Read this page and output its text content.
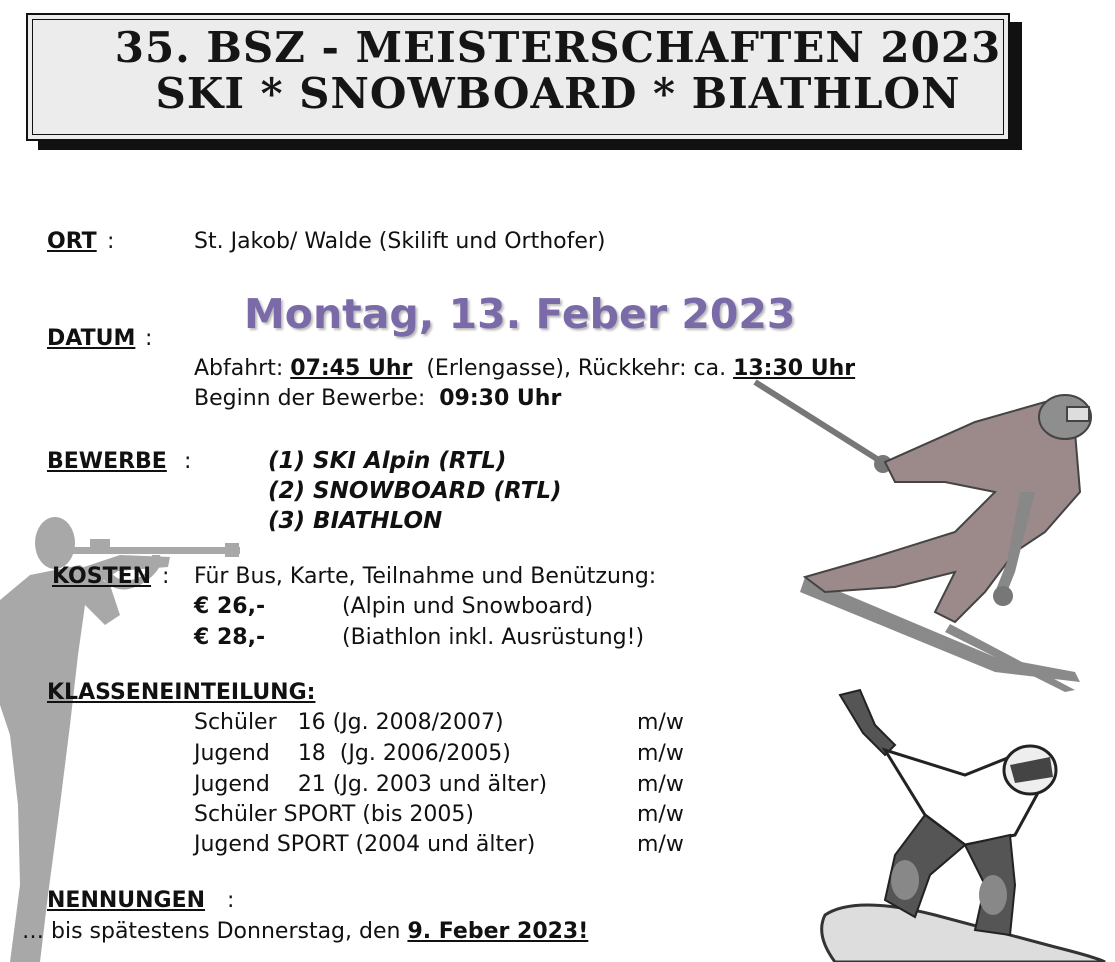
35. BSZ - MEISTERSCHAFTEN 2023
SKI * SNOWBOARD * BIATHLON
ORT :	St. Jakob/ Walde (Skilift und Orthofer)
Montag, 13. Feber 2023
DATUM :
Abfahrt: 07:45 Uhr  (Erlengasse), Rückkehr: ca. 13:30 Uhr
Beginn der Bewerbe:  09:30 Uhr
BEWERBE :	(1) SKI Alpin (RTL)
(2) SNOWBOARD (RTL)
(3) BIATHLON
KOSTEN : Für Bus, Karte, Teilnahme und Benützung:
€ 26,-	(Alpin und Snowboard)
€ 28,-	(Biathlon inkl. Ausrüstung!)
KLASSENEINTEILUNG:
Schüler   16 (Jg. 2008/2007)	m/w
Jugend    18  (Jg. 2006/2005)	m/w
Jugend    21 (Jg. 2003 und älter)	m/w
Schüler SPORT (bis 2005)	m/w
Jugend SPORT (2004 und älter)	m/w
NENNUNGEN :
… bis spätestens Donnerstag, den 9. Feber 2023!
